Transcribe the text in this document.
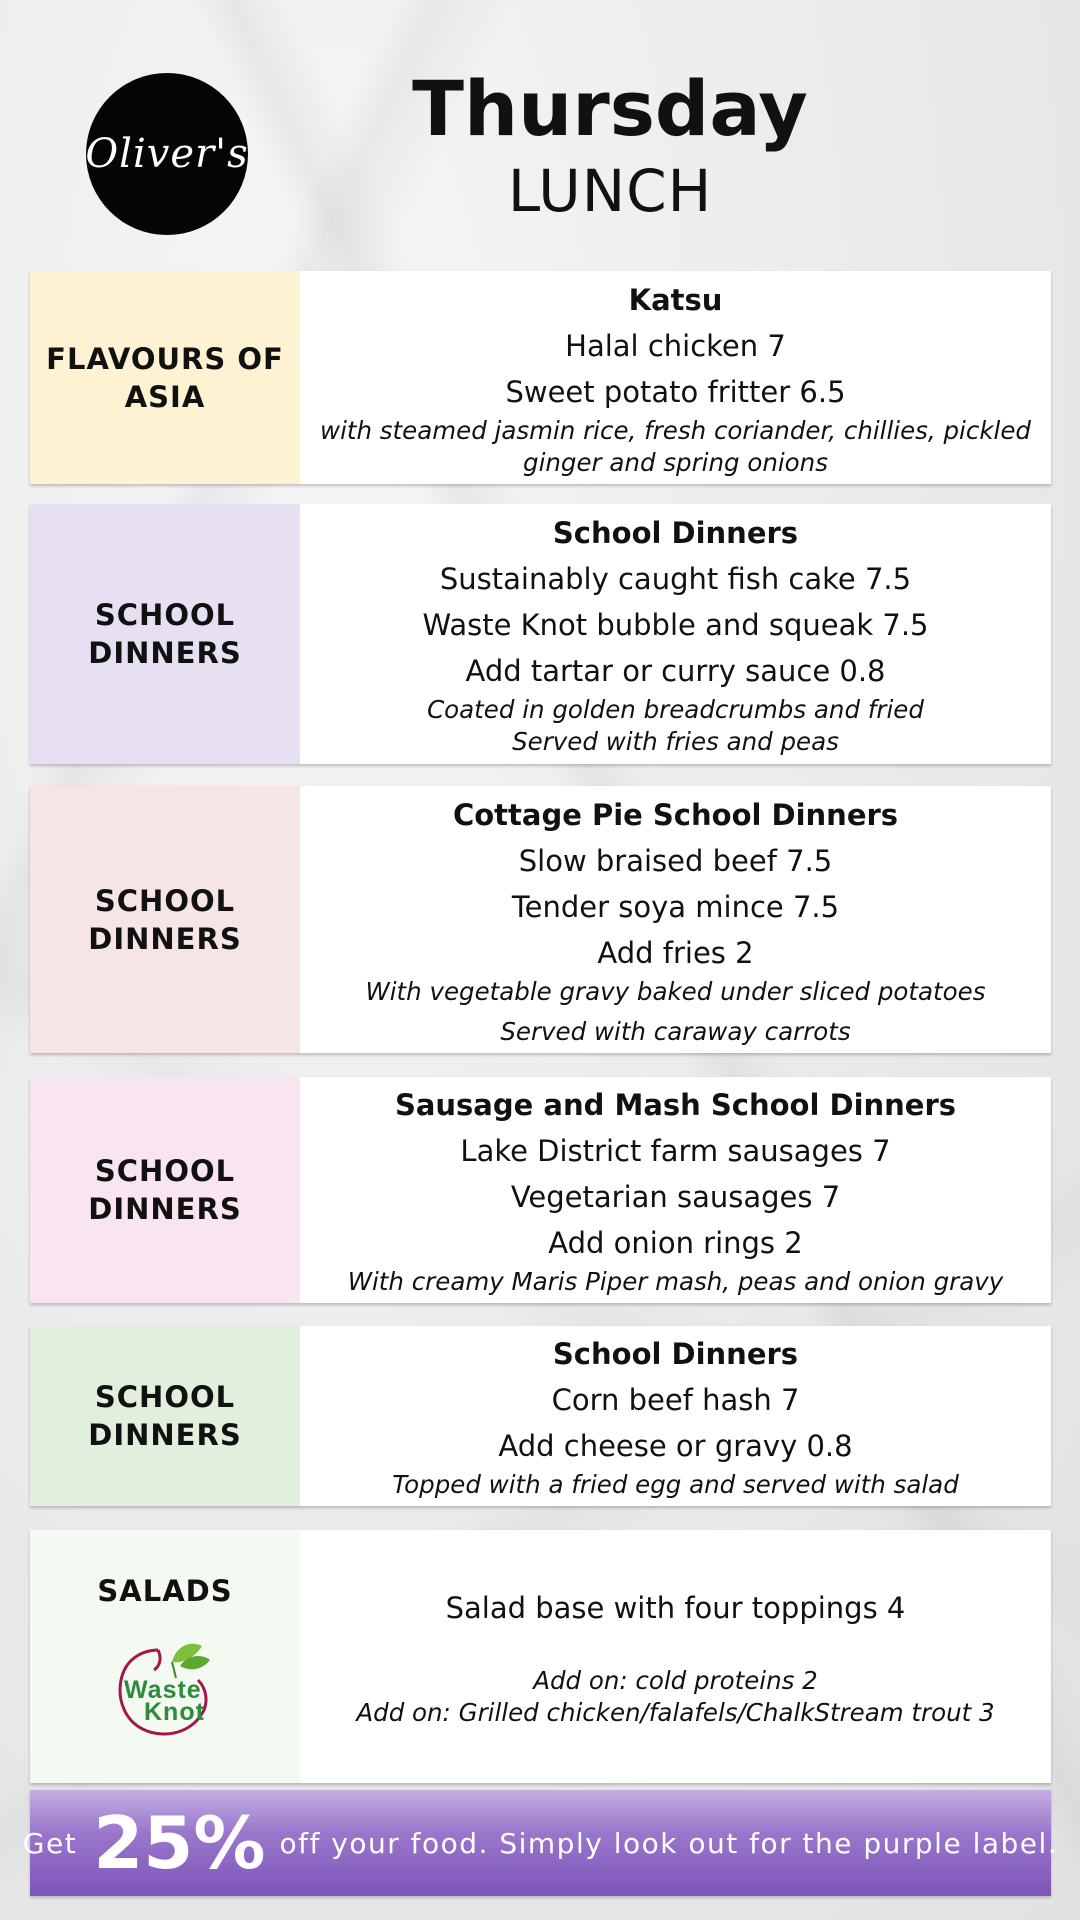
Oliver's
Thursday
LUNCH
FLAVOURS OF
ASIA
Katsu
Halal chicken 7
Sweet potato fritter 6.5
with steamed jasmin rice, fresh coriander, chillies, pickled
ginger and spring onions
SCHOOL
DINNERS
School Dinners
Sustainably caught fish cake 7.5
Waste Knot bubble and squeak 7.5
Add tartar or curry sauce 0.8
Coated in golden breadcrumbs and fried
Served with fries and peas
SCHOOL
DINNERS
Cottage Pie School Dinners
Slow braised beef 7.5
Tender soya mince 7.5
Add fries 2
With vegetable gravy baked under sliced potatoes
Served with caraway carrots
SCHOOL
DINNERS
Sausage and Mash School Dinners
Lake District farm sausages 7
Vegetarian sausages 7
Add onion rings 2
With creamy Maris Piper mash, peas and onion gravy
SCHOOL
DINNERS
School Dinners
Corn beef hash 7
Add cheese or gravy 0.8
Topped with a fried egg and served with salad
SALADS
Waste
Knot
Salad base with four toppings 4
Add on: cold proteins 2
Add on: Grilled chicken/falafels/ChalkStream trout 3
Get 25% off your food. Simply look out for the purple label.
